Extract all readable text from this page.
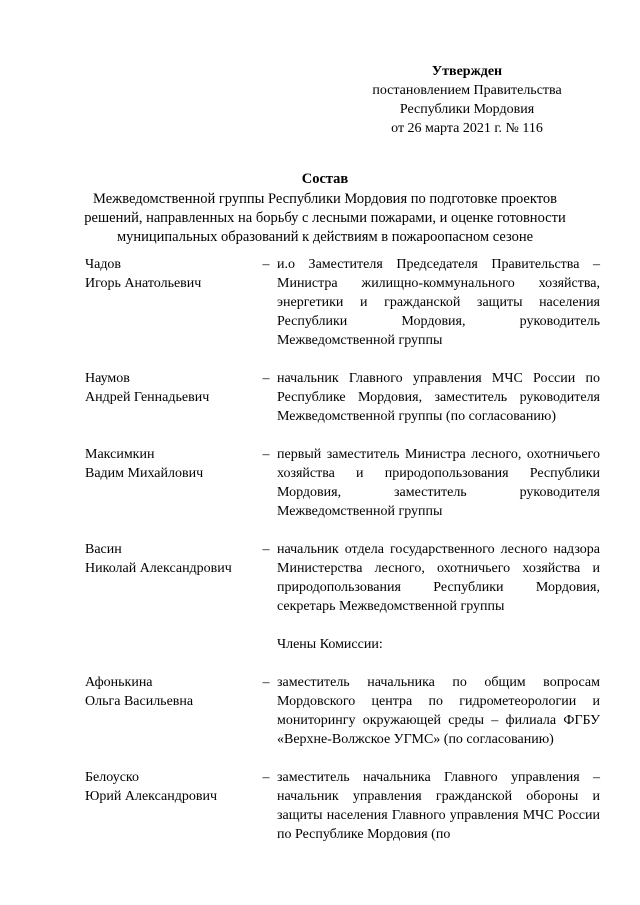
Утвержден
постановлением Правительства
Республики Мордовия
от 26 марта 2021 г. № 116
Состав
Межведомственной группы Республики Мордовия по подготовке проектов
решений, направленных на борьбу с лесными пожарами, и оценке готовности
муниципальных образований к действиям в пожароопасном сезоне
Чадов
Игорь Анатольевич
– и.о Заместителя Председателя Правительства – Министра жилищно-коммунального хозяйства, энергетики и гражданской защиты населения Республики Мордовия, руководитель Межведомственной группы
Наумов
Андрей Геннадьевич
– начальник Главного управления МЧС России по Республике Мордовия, заместитель руководителя Межведомственной группы (по согласованию)
Максимкин
Вадим Михайлович
– первый заместитель Министра лесного, охотничьего хозяйства и природопользования Республики Мордовия, заместитель руководителя Межведомственной группы
Васин
Николай Александрович
– начальник отдела государственного лесного надзора Министерства лесного, охотничьего хозяйства и природопользования Республики Мордовия, секретарь Межведомственной группы
Члены Комиссии:
Афонькина
Ольга Васильевна
– заместитель начальника по общим вопросам Мордовского центра по гидрометеорологии и мониторингу окружающей среды – филиала ФГБУ «Верхне-Волжское УГМС» (по согласованию)
Белоуско
Юрий Александрович
– заместитель начальника Главного управления – начальник управления гражданской обороны и защиты населения Главного управления МЧС России по Республике Мордовия (по
